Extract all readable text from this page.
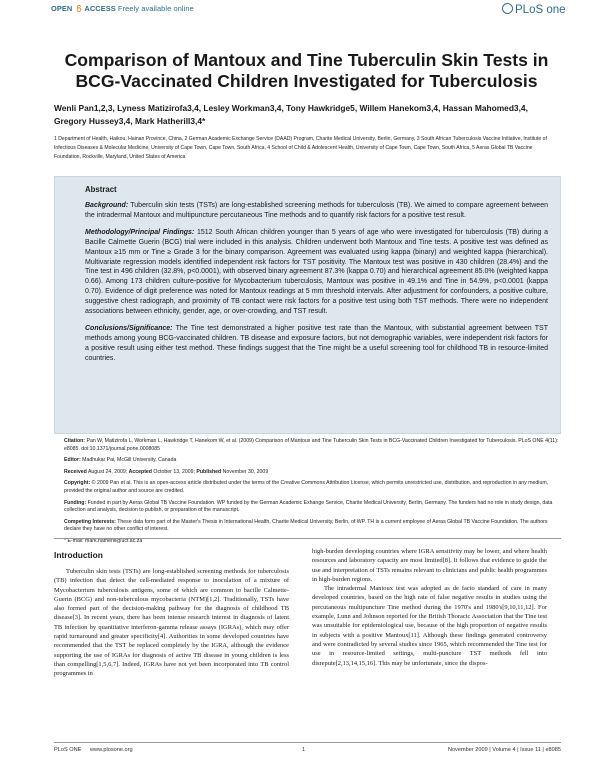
OPEN ACCESS Freely available online	PLoS one
Comparison of Mantoux and Tine Tuberculin Skin Tests in BCG-Vaccinated Children Investigated for Tuberculosis
Wenli Pan1,2,3, Lyness Matizirofa3,4, Lesley Workman3,4, Tony Hawkridge5, Willem Hanekom3,4, Hassan Mahomed3,4, Gregory Hussey3,4, Mark Hatherill3,4*
1 Department of Health, Haikou, Hainan Province, China, 2 German Academic Exchange Service (DAAD) Program, Charite Medical University, Berlin, Germany, 3 South African Tuberculosis Vaccine Initiative, Institute of Infectious Diseases & Molecular Medicine, University of Cape Town, Cape Town, South Africa, 4 School of Child & Adolescent Health, University of Cape Town, Cape Town, South Africa, 5 Aeras Global TB Vaccine Foundation, Rockville, Maryland, United States of America
Abstract

Background: Tuberculin skin tests (TSTs) are long-established screening methods for tuberculosis (TB). We aimed to compare agreement between the intradermal Mantoux and multipuncture percutaneous Tine methods and to quantify risk factors for a positive test result.

Methodology/Principal Findings: 1512 South African children younger than 5 years of age who were investigated for tuberculosis (TB) during a Bacille Calmette Guerin (BCG) trial were included in this analysis. Children underwent both Mantoux and Tine tests. A positive test was defined as Mantoux ≥15 mm or Tine ≥ Grade 3 for the binary comparison. Agreement was evaluated using kappa (binary) and weighted kappa (hierarchical). Multivariate regression models identified independent risk factors for TST positivity. The Mantoux test was positive in 430 children (28.4%) and the Tine test in 496 children (32.8%, p<0.0001), with observed binary agreement 87.3% (kappa 0.70) and hierarchical agreement 85.0% (weighted kappa 0.66). Among 173 children culture-positive for Mycobacterium tuberculosis, Mantoux was positive in 49.1% and Tine in 54.9%, p<0.0001 (kappa 0.70). Evidence of digit preference was noted for Mantoux readings at 5 mm threshold intervals. After adjustment for confounders, a positive culture, suggestive chest radiograph, and proximity of TB contact were risk factors for a positive test using both TST methods. There were no independent associations between ethnicity, gender, age, or over-crowding, and TST result.

Conclusions/Significance: The Tine test demonstrated a higher positive test rate than the Mantoux, with substantial agreement between TST methods among young BCG-vaccinated children. TB disease and exposure factors, but not demographic variables, were independent risk factors for a positive result using either test method. These findings suggest that the Tine might be a useful screening tool for childhood TB in resource-limited countries.

Citation: Pan W, Matizirofa L, Workman L, Hawkridge T, Hanekom W, et al. (2009) Comparison of Mantoux and Tine Tuberculin Skin Tests in BCG-Vaccinated Children Investigated for Tuberculosis. PLoS ONE 4(11): e8085. doi:10.1371/journal.pone.0008085

Editor: Madhukar Pai, McGill University, Canada

Received August 24, 2009; Accepted October 13, 2009; Published November 30, 2009

Copyright: © 2009 Pan et al. This is an open-access article distributed under the terms of the Creative Commons Attribution License, which permits unrestricted use, distribution, and reproduction in any medium, provided the original author and source are credited.

Funding: Funded in part by Aeras Global TB Vaccine Foundation. WP funded by the German Academic Exhange Service, Charite Medical University, Berlin, Germany. The funders had no role in study design, data collection and analysis, decision to publish, or preparation of the manuscript.

Competing Interests: These data form part of the Master's Thesis in International Health, Charite Medical University, Berlin, of WP. TH is a current employee of Aeras Global TB Vaccine Foundation. The authors declare they have no other conflict of interest.

* E-mail: mark.hatherill@uct.ac.za

Introduction

Tuberculin skin tests (TSTs) are long-established screening methods for tuberculosis (TB) infection that detect the cell-mediated response to inoculation of a mixture of Mycobacterium tuberculosis antigens, some of which are common to bacille Calmette-Guerin (BCG) and non-tuberculous mycobacteria (NTM)[1,2]. Traditionally, TSTs have also formed part of the decision-making pathway for the diagnosis of childhood TB disease[3]. In recent years, there has been intense research interest in diagnosis of latent TB infection by quantitative interferon-gamma release assays (IGRAs), which may offer rapid turnaround and greater specificity[4]. Authorities in some developed countries have recommended that the TST be replaced completely by the IGRA, although the evidence supporting the use of IGRAs for diagnosis of active TB disease in young children is less than compelling[1,5,6,7]. Indeed, IGRAs have not yet been incorporated into TB control programmes in

high-burden developing countries where IGRA sensitivity may be lower, and where health resources and laboratory capacity are most limited[8]. It follows that evidence to guide the use and interpretation of TSTs remains relevant to clinicians and public health programmes in high-burden regions.

The intradermal Mantoux test was adopted as de facto standard of care in many developed countries, based on the high rate of false negative results in studies using the percutaneous multipuncture Tine method during the 1970's and 1980's[9,10,11,12]. For example, Lunn and Johnson reported for the British Thoracic Association that the Tine test was unsuitable for epidemiological use, because of the high proportion of negative results in subjects with a positive Mantoux[11]. Although these findings generated controversy and were contradicted by several studies since 1965, which recommended the Tine test for use in resource-limited settings, multi-puncture TST methods fell into disrepute[2,13,14,15,16]. This may be unfortunate, since the dispos-

PLoS ONE www.plosone.org	1	November 2009 | Volume 4 | Issue 11 | e8085
